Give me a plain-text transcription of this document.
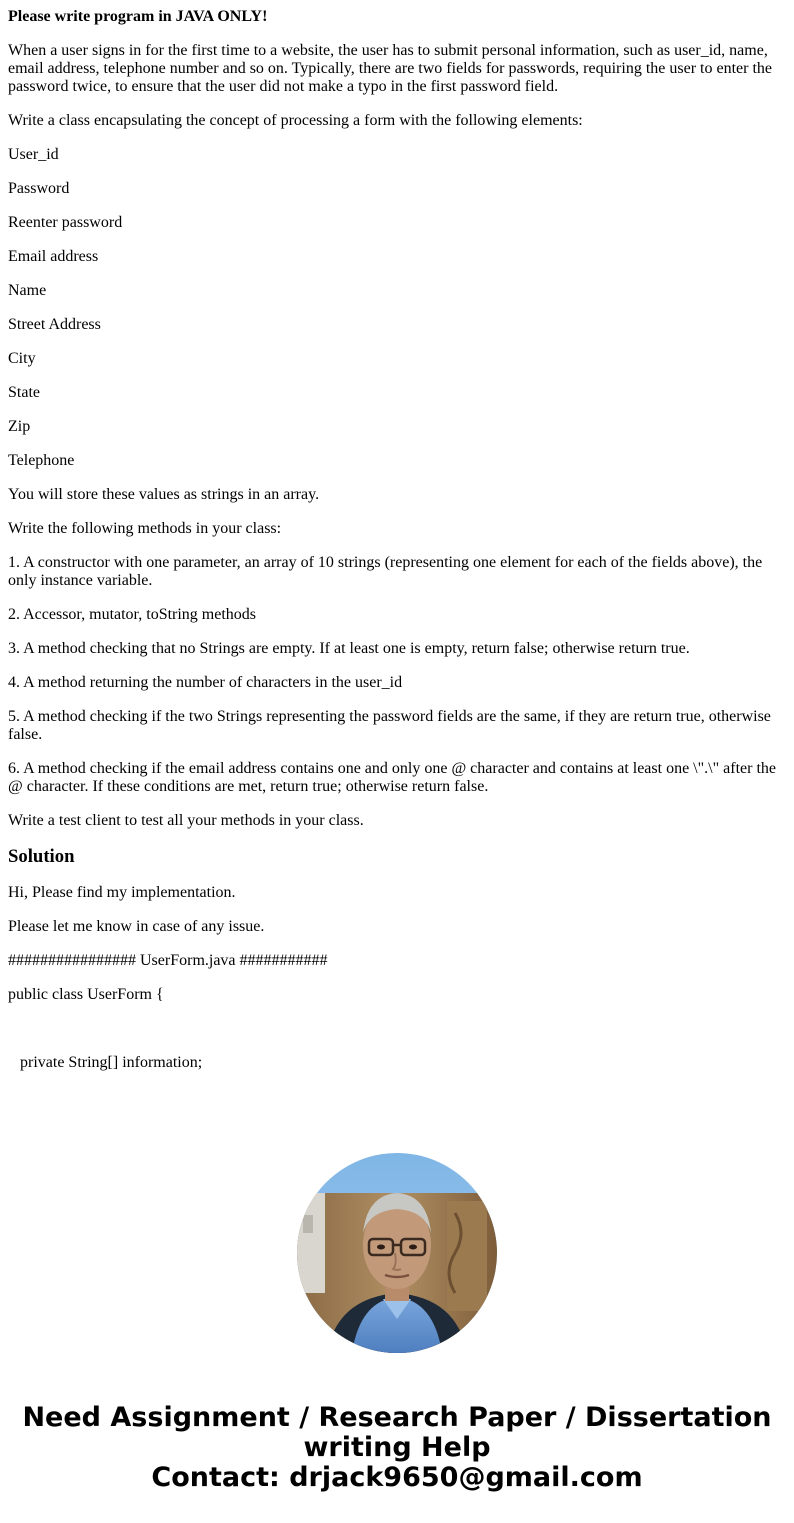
Please write program in JAVA ONLY!

When a user signs in for the first time to a website, the user has to submit personal information, such as user_id, name, email address, telephone number and so on. Typically, there are two fields for passwords, requiring the user to enter the password twice, to ensure that the user did not make a typo in the first password field.

Write a class encapsulating the concept of processing a form with the following elements:

User_id

Password

Reenter password

Email address

Name

Street Address

City

State

Zip

Telephone

You will store these values as strings in an array.

Write the following methods in your class:

1. A constructor with one parameter, an array of 10 strings (representing one element for each of the fields above), the only instance variable.

2. Accessor, mutator, toString methods

3. A method checking that no Strings are empty. If at least one is empty, return false; otherwise return true.

4. A method returning the number of characters in the user_id

5. A method checking if the two Strings representing the password fields are the same, if they are return true, otherwise false.

6. A method checking if the email address contains one and only one @ character and contains at least one \".\" after the @ character. If these conditions are met, return true; otherwise return false.

Write a test client to test all your methods in your class.

Solution

Hi, Please find my implementation.

Please let me know in case of any issue.

################ UserForm.java ###########

public class UserForm {

private String[] information;

Need Assignment / Research Paper / Dissertation
writing Help
Contact: drjack9650@gmail.com
